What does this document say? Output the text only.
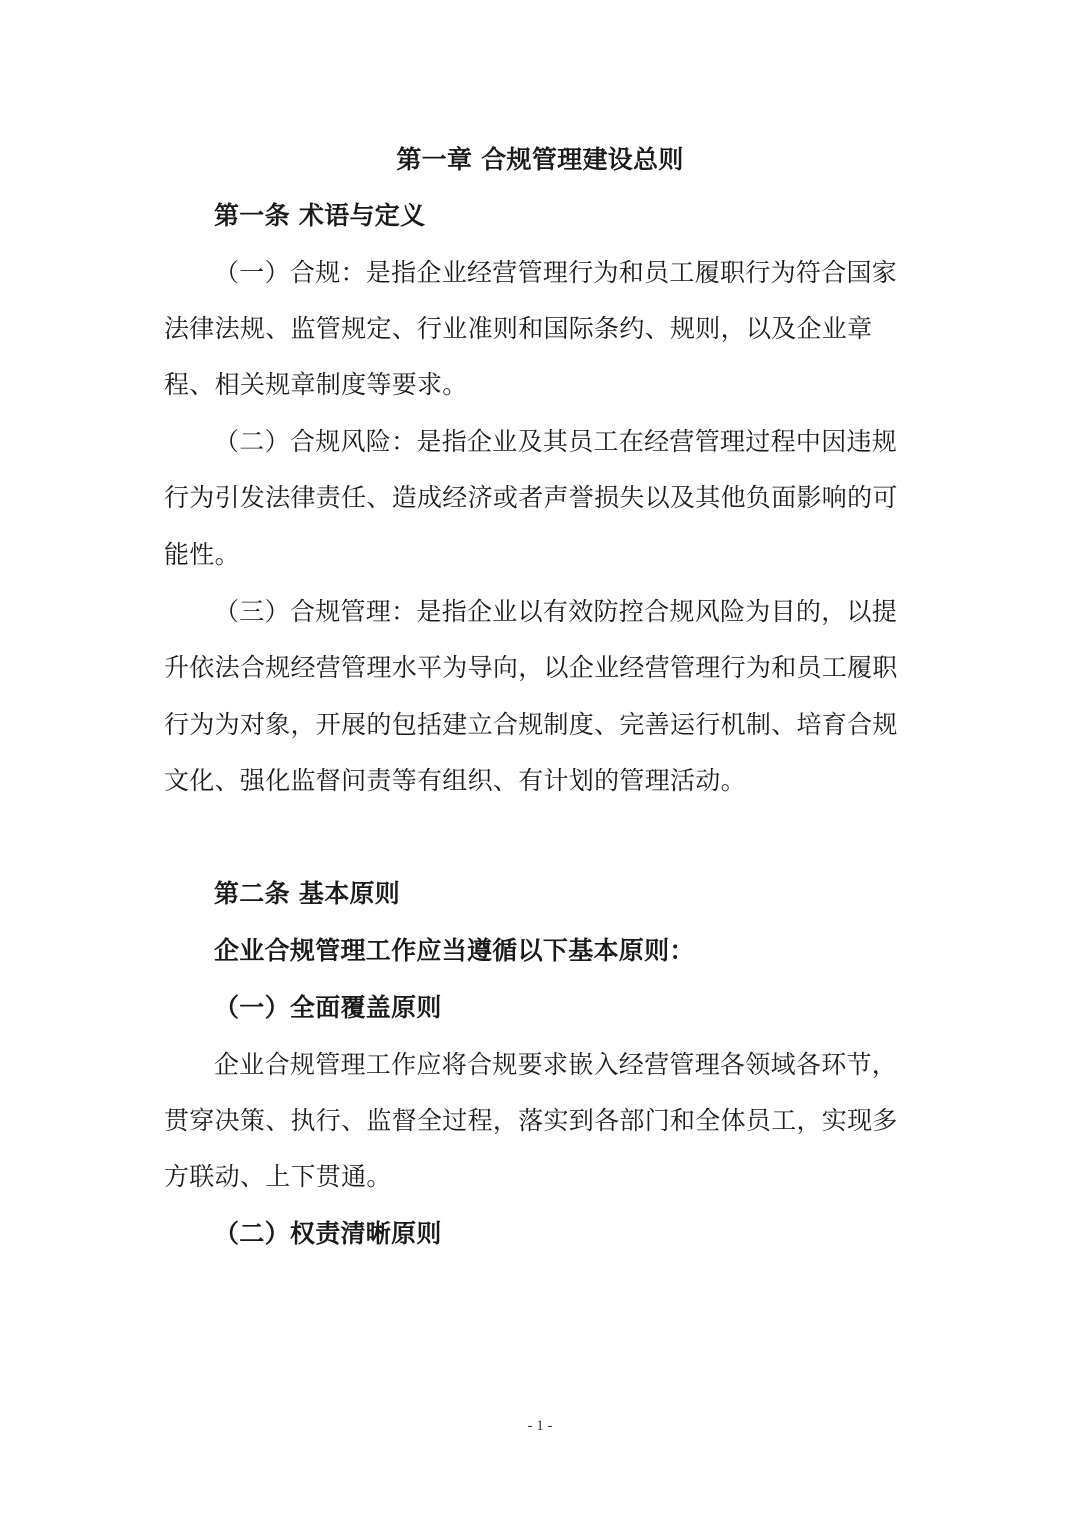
第一章 合规管理建设总则
第一条 术语与定义
（一）合规：是指企业经营管理行为和员工履职行为符合国家
法律法规、监管规定、行业准则和国际条约、规则，以及企业章
程、相关规章制度等要求。
（二）合规风险：是指企业及其员工在经营管理过程中因违规
行为引发法律责任、造成经济或者声誉损失以及其他负面影响的可
能性。
（三）合规管理：是指企业以有效防控合规风险为目的，以提
升依法合规经营管理水平为导向，以企业经营管理行为和员工履职
行为为对象，开展的包括建立合规制度、完善运行机制、培育合规
文化、强化监督问责等有组织、有计划的管理活动。
第二条 基本原则
企业合规管理工作应当遵循以下基本原则：
（一）全面覆盖原则
企业合规管理工作应将合规要求嵌入经营管理各领域各环节，
贯穿决策、执行、监督全过程，落实到各部门和全体员工，实现多
方联动、上下贯通。
（二）权责清晰原则
- 1 -
